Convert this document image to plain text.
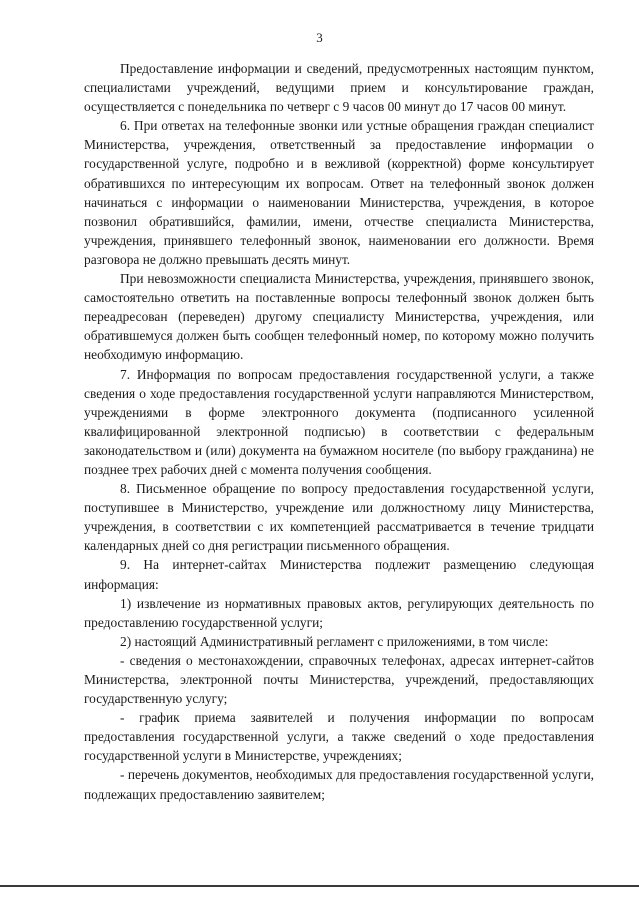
3

Предоставление информации и сведений, предусмотренных настоящим пунктом, специалистами учреждений, ведущими прием и консультирование граждан, осуществляется с понедельника по четверг с 9 часов 00 минут до 17 часов 00 минут.

6. При ответах на телефонные звонки или устные обращения граждан специалист Министерства, учреждения, ответственный за предоставление информации о государственной услуге, подробно и в вежливой (корректной) форме консультирует обратившихся по интересующим их вопросам. Ответ на телефонный звонок должен начинаться с информации о наименовании Министерства, учреждения, в которое позвонил обратившийся, фамилии, имени, отчестве специалиста Министерства, учреждения, принявшего телефонный звонок, наименовании его должности. Время разговора не должно превышать десять минут.

При невозможности специалиста Министерства, учреждения, принявшего звонок, самостоятельно ответить на поставленные вопросы телефонный звонок должен быть переадресован (переведен) другому специалисту Министерства, учреждения, или обратившемуся должен быть сообщен телефонный номер, по которому можно получить необходимую информацию.

7. Информация по вопросам предоставления государственной услуги, а также сведения о ходе предоставления государственной услуги направляются Министерством, учреждениями в форме электронного документа (подписанного усиленной квалифицированной электронной подписью) в соответствии с федеральным законодательством и (или) документа на бумажном носителе (по выбору гражданина) не позднее трех рабочих дней с момента получения сообщения.

8. Письменное обращение по вопросу предоставления государственной услуги, поступившее в Министерство, учреждение или должностному лицу Министерства, учреждения, в соответствии с их компетенцией рассматривается в течение тридцати календарных дней со дня регистрации письменного обращения.

9. На интернет-сайтах Министерства подлежит размещению следующая информация:

1) извлечение из нормативных правовых актов, регулирующих деятельность по предоставлению государственной услуги;

2) настоящий Административный регламент с приложениями, в том числе:

- сведения о местонахождении, справочных телефонах, адресах интернет-сайтов Министерства, электронной почты Министерства, учреждений, предоставляющих государственную услугу;

- график приема заявителей и получения информации по вопросам предоставления государственной услуги, а также сведений о ходе предоставления государственной услуги в Министерстве, учреждениях;

- перечень документов, необходимых для предоставления государственной услуги, подлежащих предоставлению заявителем;
